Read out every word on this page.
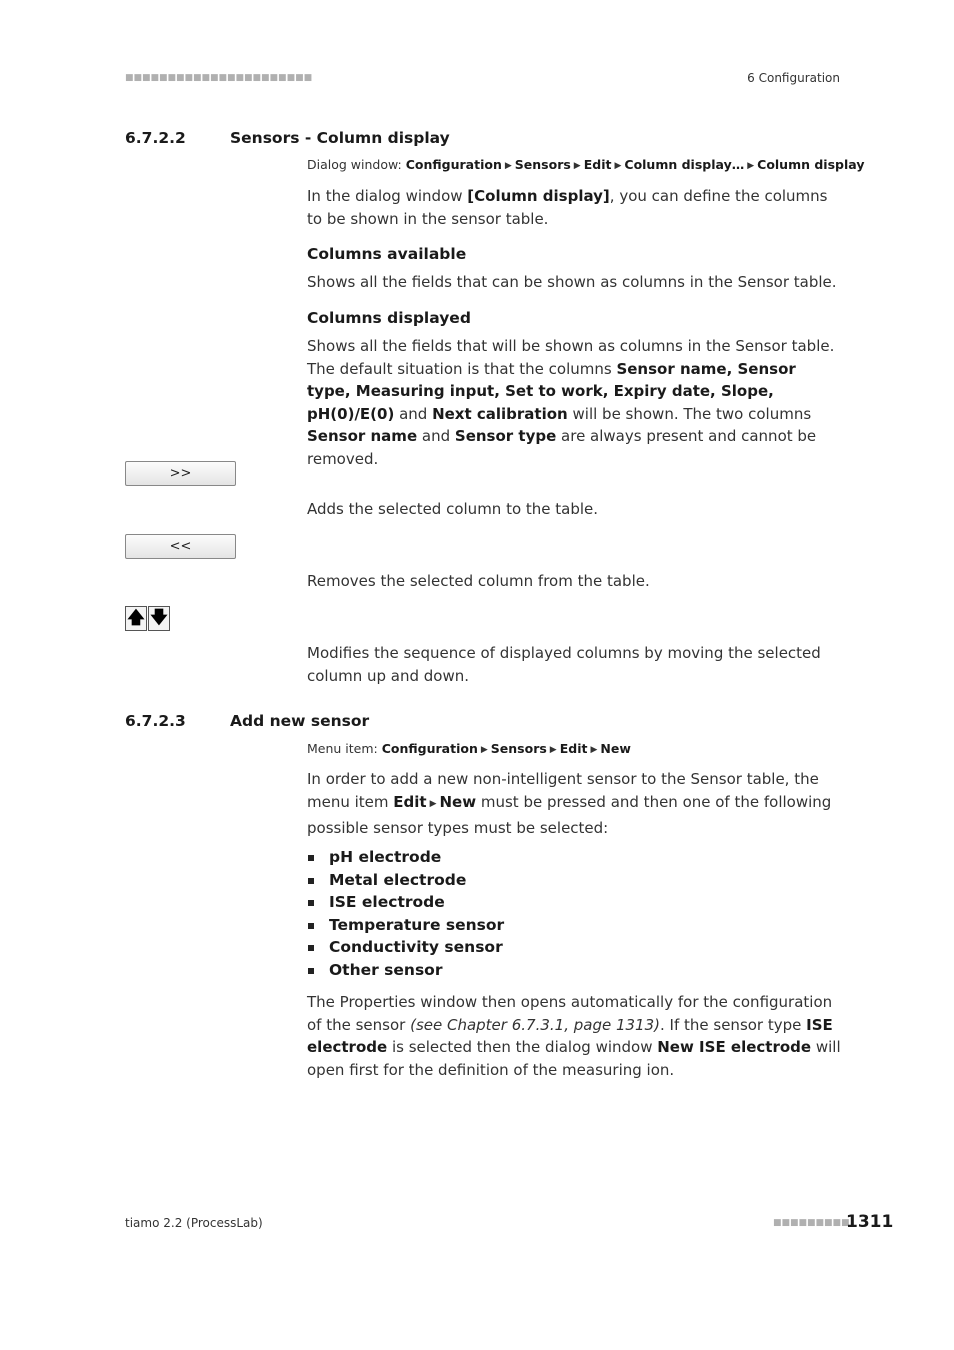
■■■■■■■■■■■■■■■■■■■■■■	6 Configuration
6.7.2.2	Sensors - Column display
Dialog window: Configuration ▶ Sensors ▶ Edit ▶ Column display… ▶ Column display
In the dialog window [Column display], you can define the columns to be shown in the sensor table.
Columns available
Shows all the fields that can be shown as columns in the Sensor table.
Columns displayed
Shows all the fields that will be shown as columns in the Sensor table. The default situation is that the columns Sensor name, Sensor type, Measuring input, Set to work, Expiry date, Slope, pH(0)/E(0) and Next calibration will be shown. The two columns Sensor name and Sensor type are always present and cannot be removed.
>>
Adds the selected column to the table.
<<
Removes the selected column from the table.
🡅 🡇
Modifies the sequence of displayed columns by moving the selected column up and down.
6.7.2.3	Add new sensor
Menu item: Configuration ▶ Sensors ▶ Edit ▶ New
In order to add a new non-intelligent sensor to the Sensor table, the menu item Edit ▶ New must be pressed and then one of the following possible sensor types must be selected:
pH electrode
Metal electrode
ISE electrode
Temperature sensor
Conductivity sensor
Other sensor
The Properties window then opens automatically for the configuration of the sensor (see Chapter 6.7.3.1, page 1313). If the sensor type ISE electrode is selected then the dialog window New ISE electrode will open first for the definition of the measuring ion.
tiamo 2.2 (ProcessLab)	■■■■■■■■■
1311
